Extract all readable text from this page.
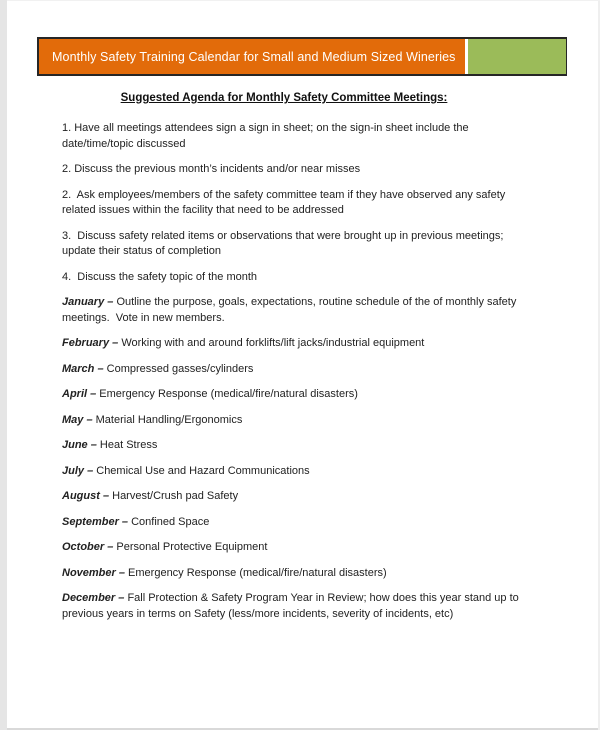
Monthly Safety Training Calendar for Small and Medium Sized Wineries
Suggested Agenda for Monthly Safety Committee Meetings:

1. Have all meetings attendees sign a sign in sheet; on the sign-in sheet include the date/time/topic discussed

2. Discuss the previous month’s incidents and/or near misses

2.  Ask employees/members of the safety committee team if they have observed any safety related issues within the facility that need to be addressed

3.  Discuss safety related items or observations that were brought up in previous meetings; update their status of completion

4.  Discuss the safety topic of the month

January – Outline the purpose, goals, expectations, routine schedule of the of monthly safety meetings.  Vote in new members.

February – Working with and around forklifts/lift jacks/industrial equipment

March – Compressed gasses/cylinders

April – Emergency Response (medical/fire/natural disasters)

May – Material Handling/Ergonomics

June – Heat Stress

July – Chemical Use and Hazard Communications

August – Harvest/Crush pad Safety

September – Confined Space

October – Personal Protective Equipment

November – Emergency Response (medical/fire/natural disasters)

December – Fall Protection & Safety Program Year in Review; how does this year stand up to previous years in terms on Safety (less/more incidents, severity of incidents, etc)
